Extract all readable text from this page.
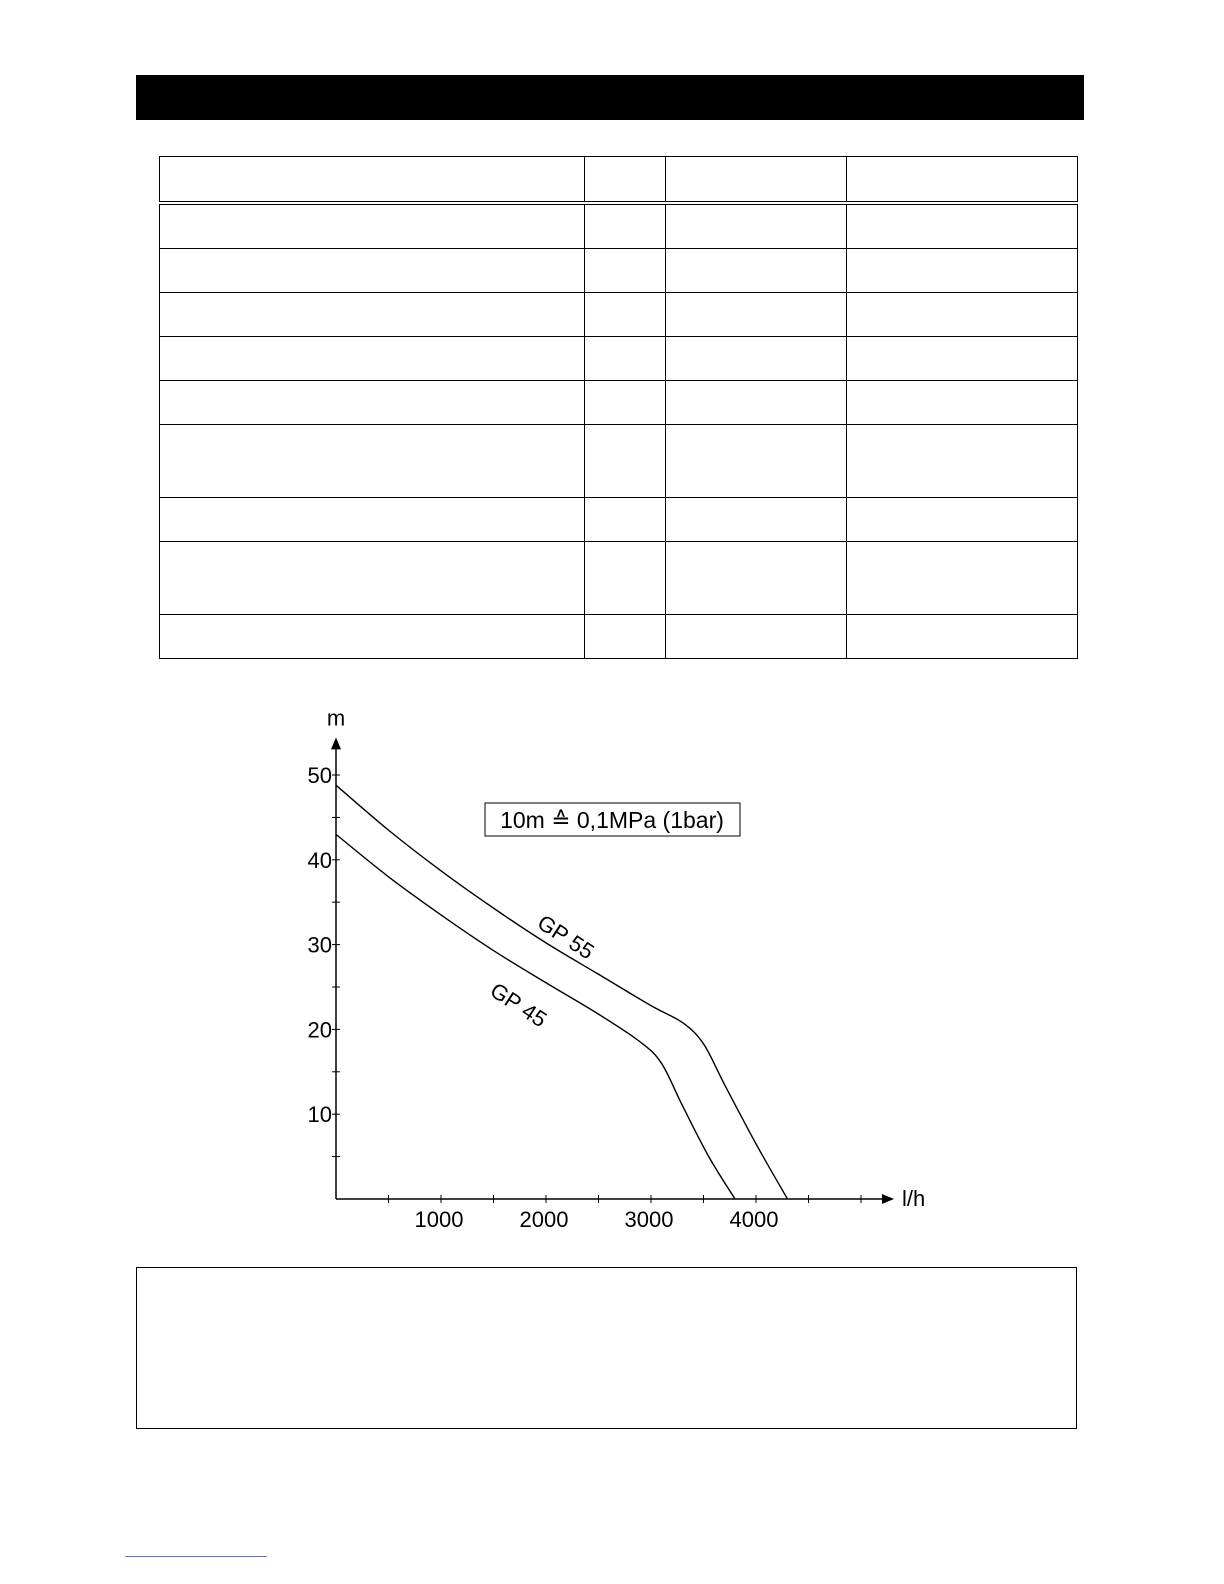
l/h
m
1000	2000	3000	4000
10
20
30
40
50
GP 55
GP 45
10m ≙ 0,1MPa (1bar)
